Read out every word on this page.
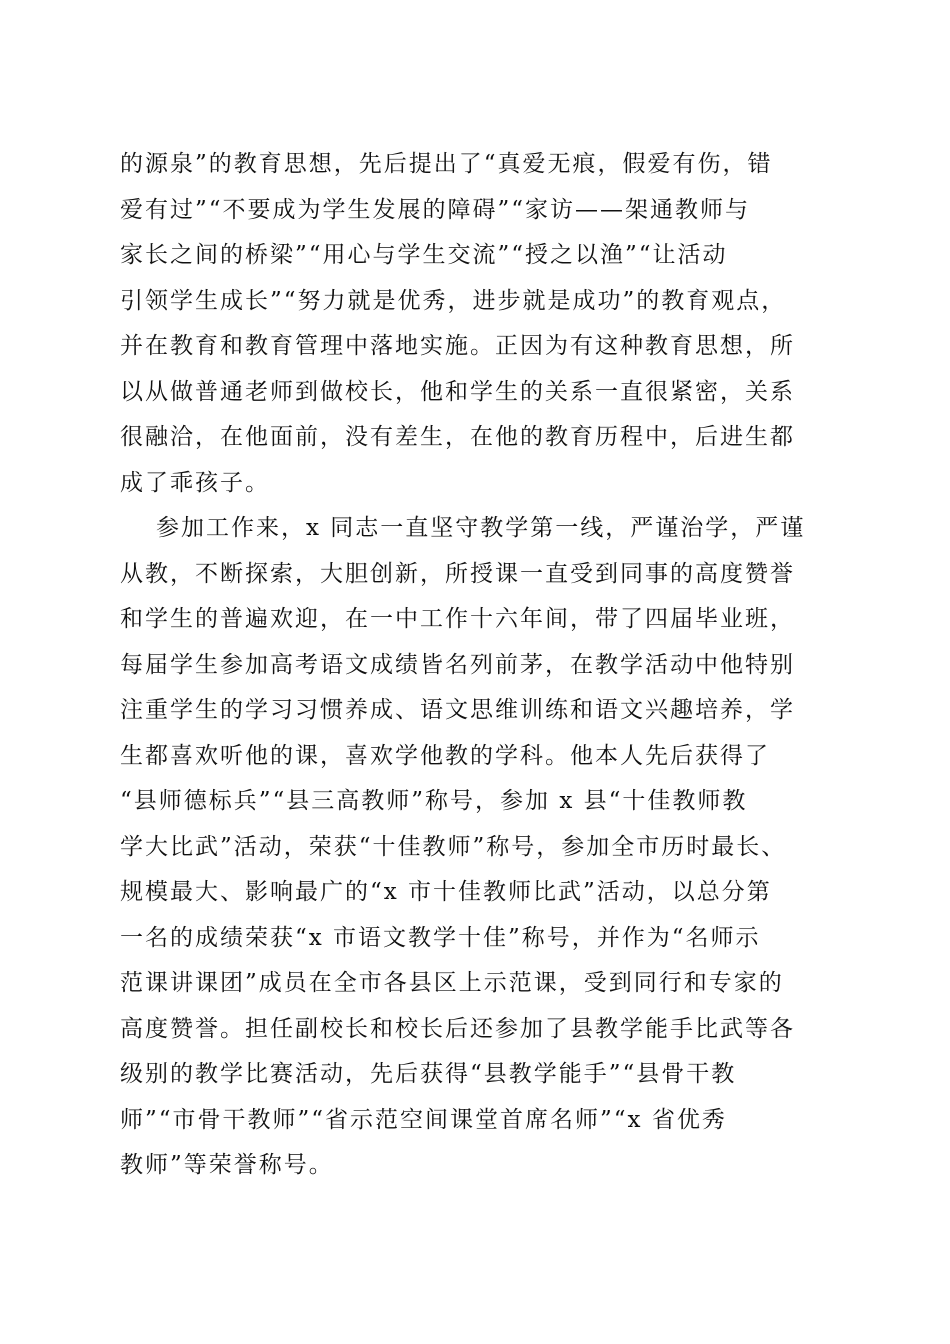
的源泉”的教育思想，先后提出了“真爱无痕，假爱有伤，错
爱有过”“不要成为学生发展的障碍”“家访——架通教师与
家长之间的桥梁”“用心与学生交流”“授之以渔”“让活动
引领学生成长”“努力就是优秀，进步就是成功”的教育观点，
并在教育和教育管理中落地实施。正因为有这种教育思想，所
以从做普通老师到做校长，他和学生的关系一直很紧密，关系
很融洽，在他面前，没有差生，在他的教育历程中，后进生都
成了乖孩子。
参加工作来，x 同志一直坚守教学第一线，严谨治学，严谨
从教，不断探索，大胆创新，所授课一直受到同事的高度赞誉
和学生的普遍欢迎，在一中工作十六年间，带了四届毕业班，
每届学生参加高考语文成绩皆名列前茅，在教学活动中他特别
注重学生的学习习惯养成、语文思维训练和语文兴趣培养，学
生都喜欢听他的课，喜欢学他教的学科。他本人先后获得了
“县师德标兵”“县三高教师”称号，参加 x 县“十佳教师教
学大比武”活动，荣获“十佳教师”称号，参加全市历时最长、
规模最大、影响最广的“x 市十佳教师比武”活动，以总分第
一名的成绩荣获“x 市语文教学十佳”称号，并作为“名师示
范课讲课团”成员在全市各县区上示范课，受到同行和专家的
高度赞誉。担任副校长和校长后还参加了县教学能手比武等各
级别的教学比赛活动，先后获得“县教学能手”“县骨干教
师”“市骨干教师”“省示范空间课堂首席名师”“x 省优秀
教师”等荣誉称号。
